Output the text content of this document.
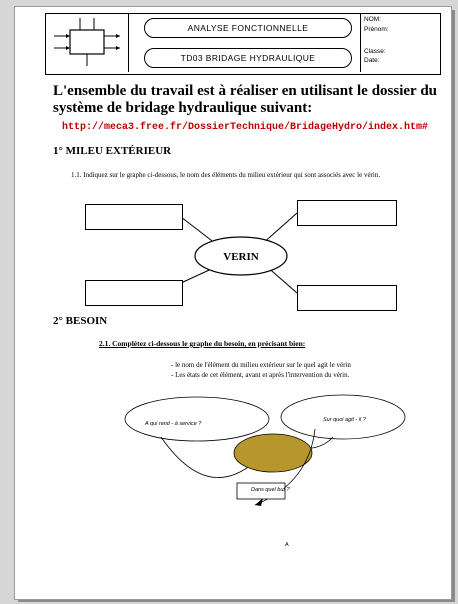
ANALYSE FONCTIONNELLE
TD03 BRIDAGE HYDRAULIQUE
NOM:
Prénom:
Classe:
Date:
L'ensemble du travail est à réaliser en utilisant le dossier du système de bridage hydraulique suivant:
http://meca3.free.fr/DossierTechnique/BridageHydro/index.htm#
1° MILEU EXTÉRIEUR
1.1. Indiquez sur le graphe ci-dessous, le nom des éléments du milieu extérieur qui sont associés avec le vérin.
VERIN
2° BESOIN
2.1. Complétez ci-dessous le graphe du besoin, en précisant bien:
- le nom de l'élément du milieu extérieur sur le quel agit le vérin
- Les états de cet élément, avant et après l'intervention du vérin.
A qui rend - à service ?
Sur quoi agit - il ?
Dans quel but ?
A
